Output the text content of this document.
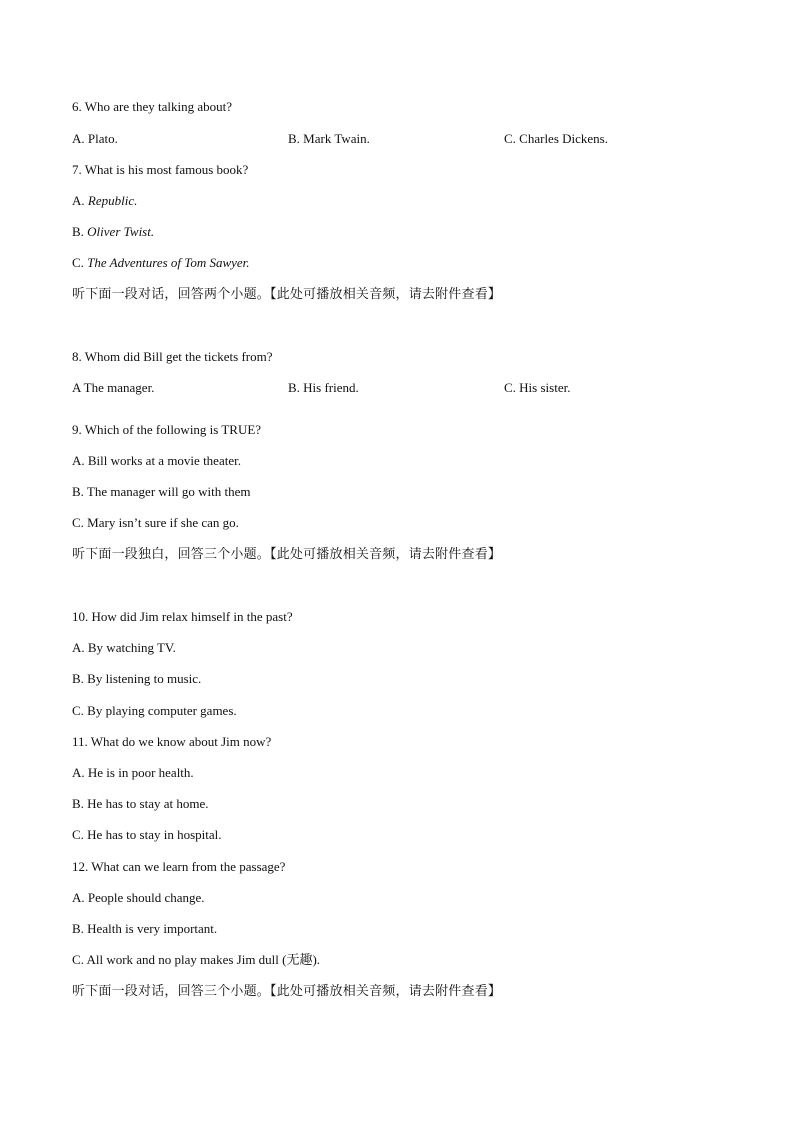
6. Who are they talking about?
A. Plato.	B. Mark Twain.	C. Charles Dickens.
7. What is his most famous book?
A. Republic.
B. Oliver Twist.
C. The Adventures of Tom Sawyer.
听下面一段对话，回答两个小题。【此处可播放相关音频，请去附件查看】
8. Whom did Bill get the tickets from?
A The manager.	B. His friend.	C. His sister.
9. Which of the following is TRUE?
A. Bill works at a movie theater.
B. The manager will go with them
C. Mary isn’t sure if she can go.
听下面一段独白，回答三个小题。【此处可播放相关音频，请去附件查看】
10. How did Jim relax himself in the past?
A. By watching TV.
B. By listening to music.
C. By playing computer games.
11. What do we know about Jim now?
A. He is in poor health.
B. He has to stay at home.
C. He has to stay in hospital.
12. What can we learn from the passage?
A. People should change.
B. Health is very important.
C. All work and no play makes Jim dull (无趣).
听下面一段对话，回答三个小题。【此处可播放相关音频，请去附件查看】
